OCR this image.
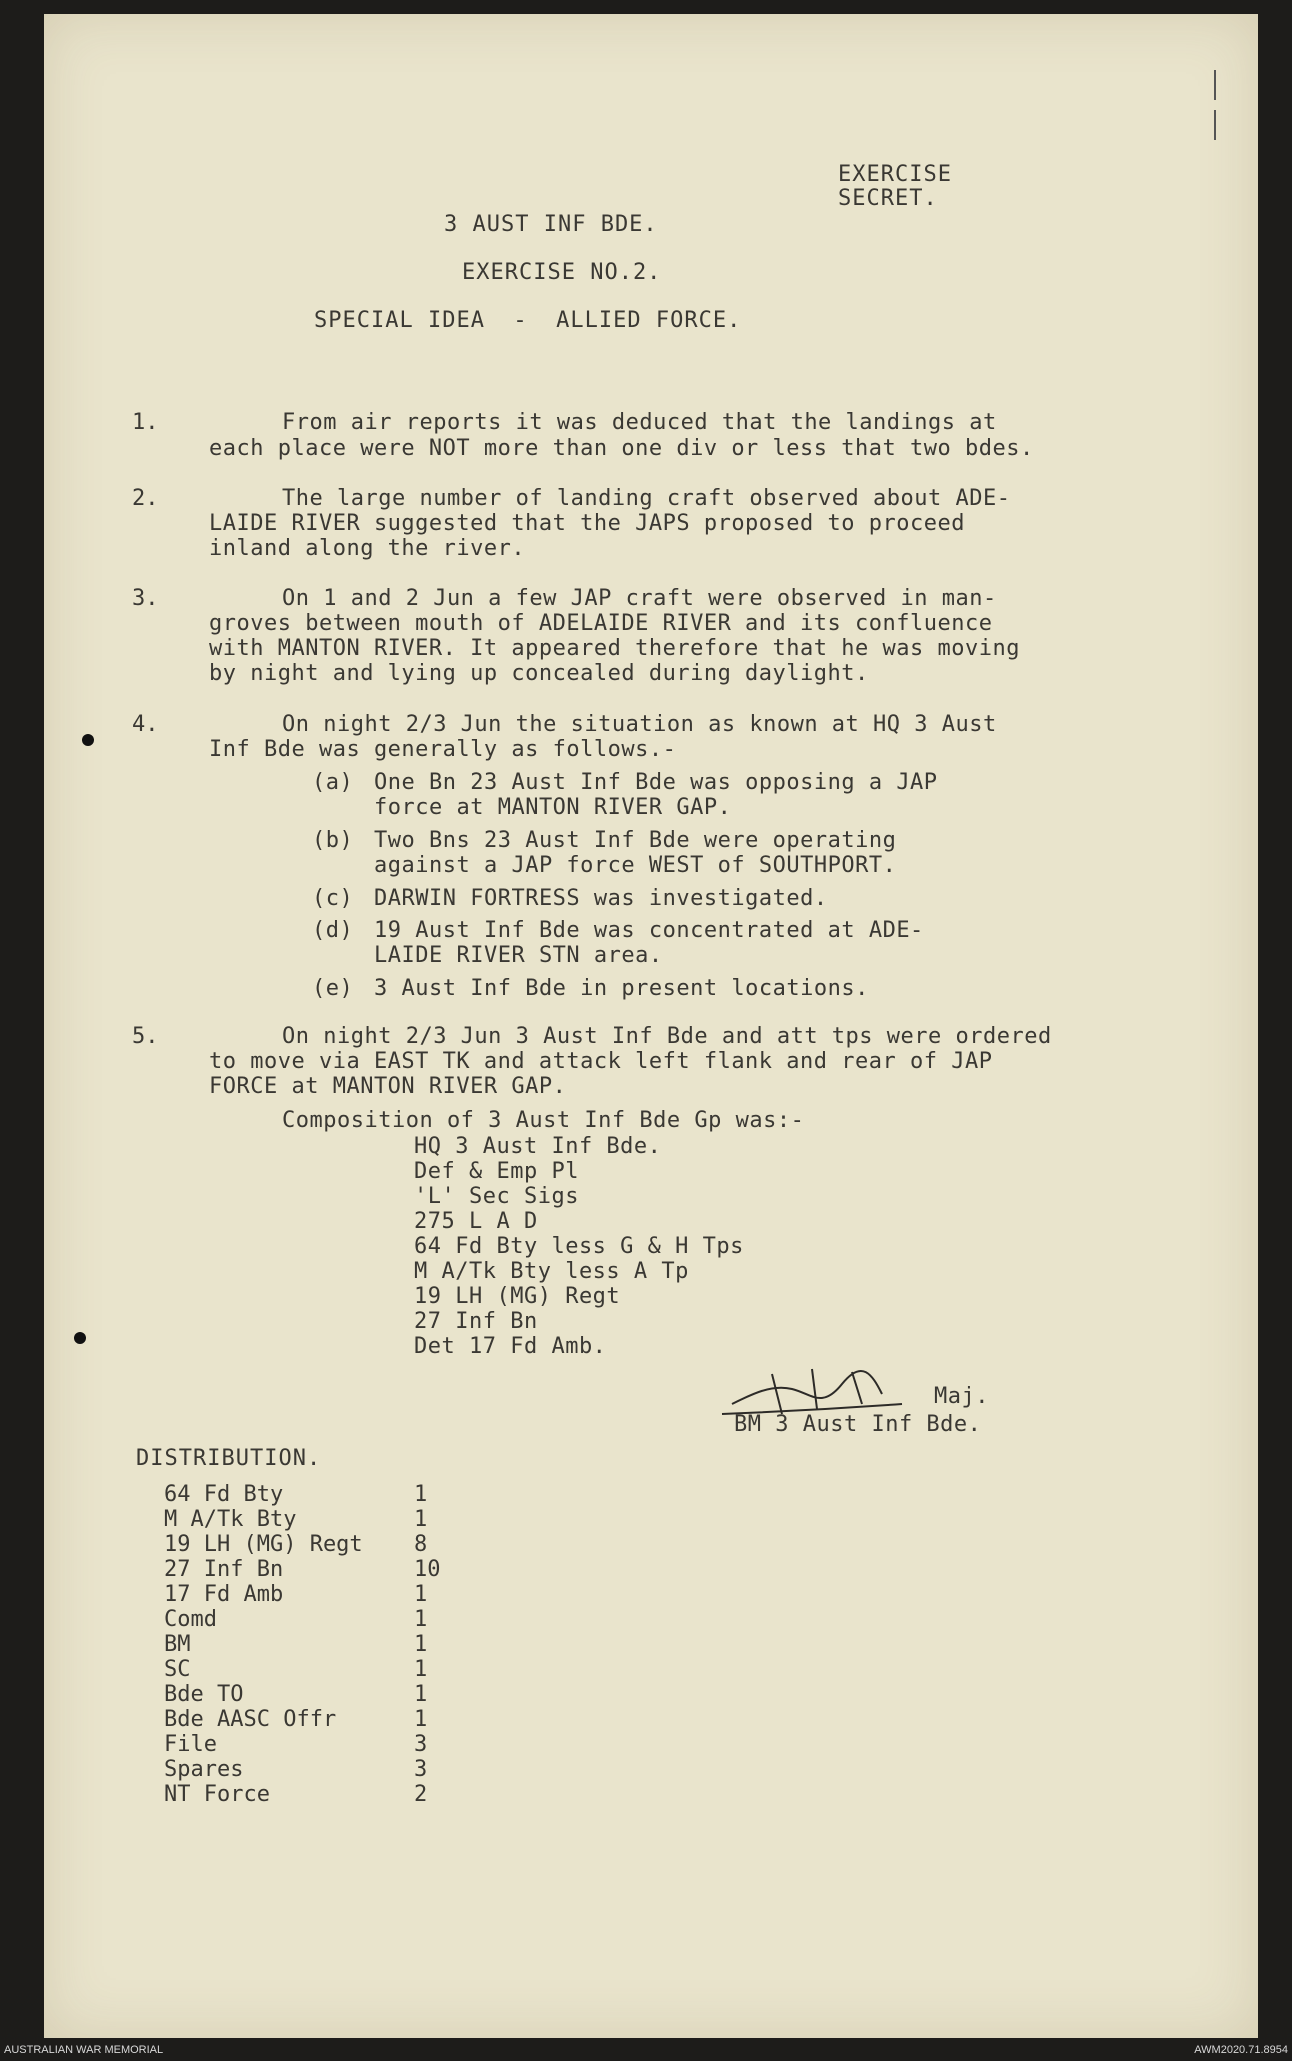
EXERCISE
SECRET.
3 AUST INF BDE.
EXERCISE NO.2.
SPECIAL IDEA  -  ALLIED FORCE.
1.	From air reports it was deduced that the landings at
each place were NOT more than one div or less that two bdes.
2.	The large number of landing craft observed about ADE-
LAIDE RIVER suggested that the JAPS proposed to proceed
inland along the river.
3.	On 1 and 2 Jun a few JAP craft were observed in man-
groves between mouth of ADELAIDE RIVER and its confluence
with MANTON RIVER. It appeared therefore that he was moving
by night and lying up concealed during daylight.
4.	On night 2/3 Jun the situation as known at HQ 3 Aust
Inf Bde was generally as follows.-
(a) One Bn 23 Aust Inf Bde was opposing a JAP
force at MANTON RIVER GAP.
(b) Two Bns 23 Aust Inf Bde were operating
against a JAP force WEST of SOUTHPORT.
(c) DARWIN FORTRESS was investigated.
(d) 19 Aust Inf Bde was concentrated at ADE-
LAIDE RIVER STN area.
(e) 3 Aust Inf Bde in present locations.
5.	On night 2/3 Jun 3 Aust Inf Bde and att tps were ordered
to move via EAST TK and attack left flank and rear of JAP
FORCE at MANTON RIVER GAP.
Composition of 3 Aust Inf Bde Gp was:-
HQ 3 Aust Inf Bde.
Def & Emp Pl
'L' Sec Sigs
275 L A D
64 Fd Bty less G & H Tps
M A/Tk Bty less A Tp
19 LH (MG) Regt
27 Inf Bn
Det 17 Fd Amb.
Maj.
BM 3 Aust Inf Bde.
DISTRIBUTION.
64 Fd Bty	1
M A/Tk Bty	1
19 LH (MG) Regt 8
27 Inf Bn	10
17 Fd Amb	1
Comd	1
BM	1
SC	1
Bde TO	1
Bde AASC Offr	1
File	3
Spares	3
NT Force	2
AUSTRALIAN WAR MEMORIAL	AWM2020.71.8954
